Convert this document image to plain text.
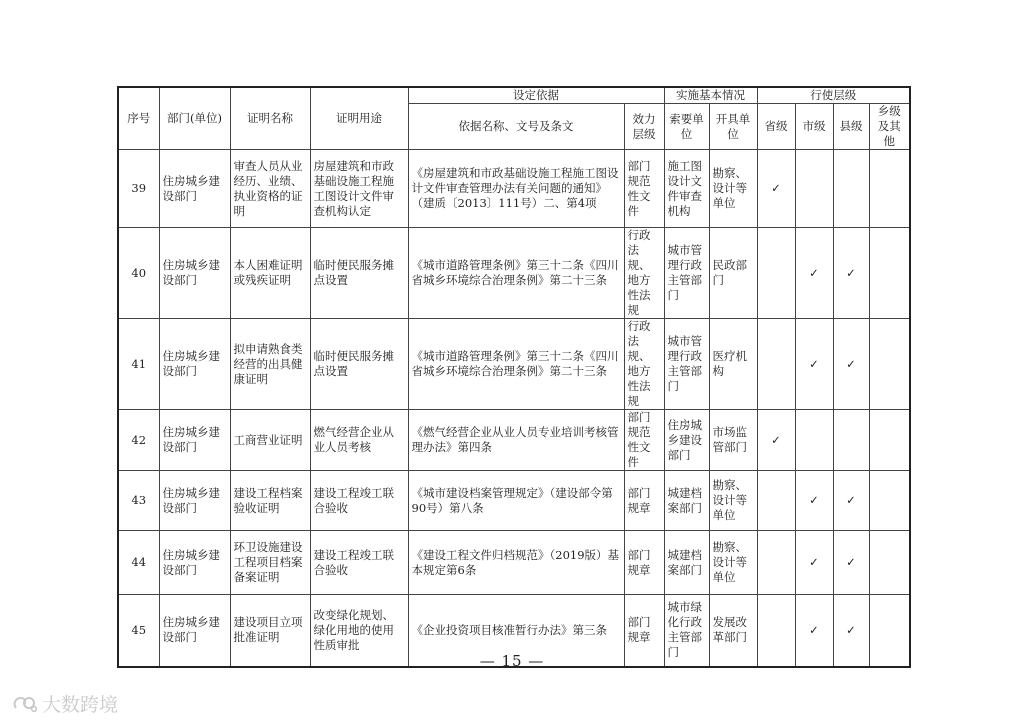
序号	部门(单位)	证明名称	证明用途	设定依据		实施基本情况		行使层级			
				依据名称、文号及条文	效力层级	索要单位	开具单位	省级	市级	县级	乡级及其他
39	住房城乡建设部门	审查人员从业经历、业绩、执业资格的证明	房屋建筑和市政基础设施工程施工图设计文件审查机构认定	《房屋建筑和市政基础设施工程施工图设计文件审查管理办法有关问题的通知》（建质〔2013〕111号）二、第4项	部门规范性文件	施工图设计文件审查机构	勘察、设计等单位	✓			
40	住房城乡建设部门	本人困难证明或残疾证明	临时便民服务摊点设置	《城市道路管理条例》第三十二条《四川省城乡环境综合治理条例》第二十三条	行政法规、地方性法规	城市管理行政主管部门	民政部门		✓	✓	
41	住房城乡建设部门	拟申请熟食类经营的出具健康证明	临时便民服务摊点设置	《城市道路管理条例》第三十二条《四川省城乡环境综合治理条例》第二十三条	行政法规、地方性法规	城市管理行政主管部门	医疗机构		✓	✓	
42	住房城乡建设部门	工商营业证明	燃气经营企业从业人员考核	《燃气经营企业从业人员专业培训考核管理办法》第四条	部门规范性文件	住房城乡建设部门	市场监管部门	✓			
43	住房城乡建设部门	建设工程档案验收证明	建设工程竣工联合验收	《城市建设档案管理规定》（建设部令第90号）第八条	部门规章	城建档案部门	勘察、设计等单位		✓	✓	
44	住房城乡建设部门	环卫设施建设工程项目档案备案证明	建设工程竣工联合验收	《建设工程文件归档规范》（2019版）基本规定第6条	部门规章	城建档案部门	勘察、设计等单位		✓	✓	
45	住房城乡建设部门	建设项目立项批准证明	改变绿化规划、绿化用地的使用性质审批	《企业投资项目核准暂行办法》第三条	部门规章	城市绿化行政主管部门	发展改革部门		✓	✓	
— 15 —
大数跨境
